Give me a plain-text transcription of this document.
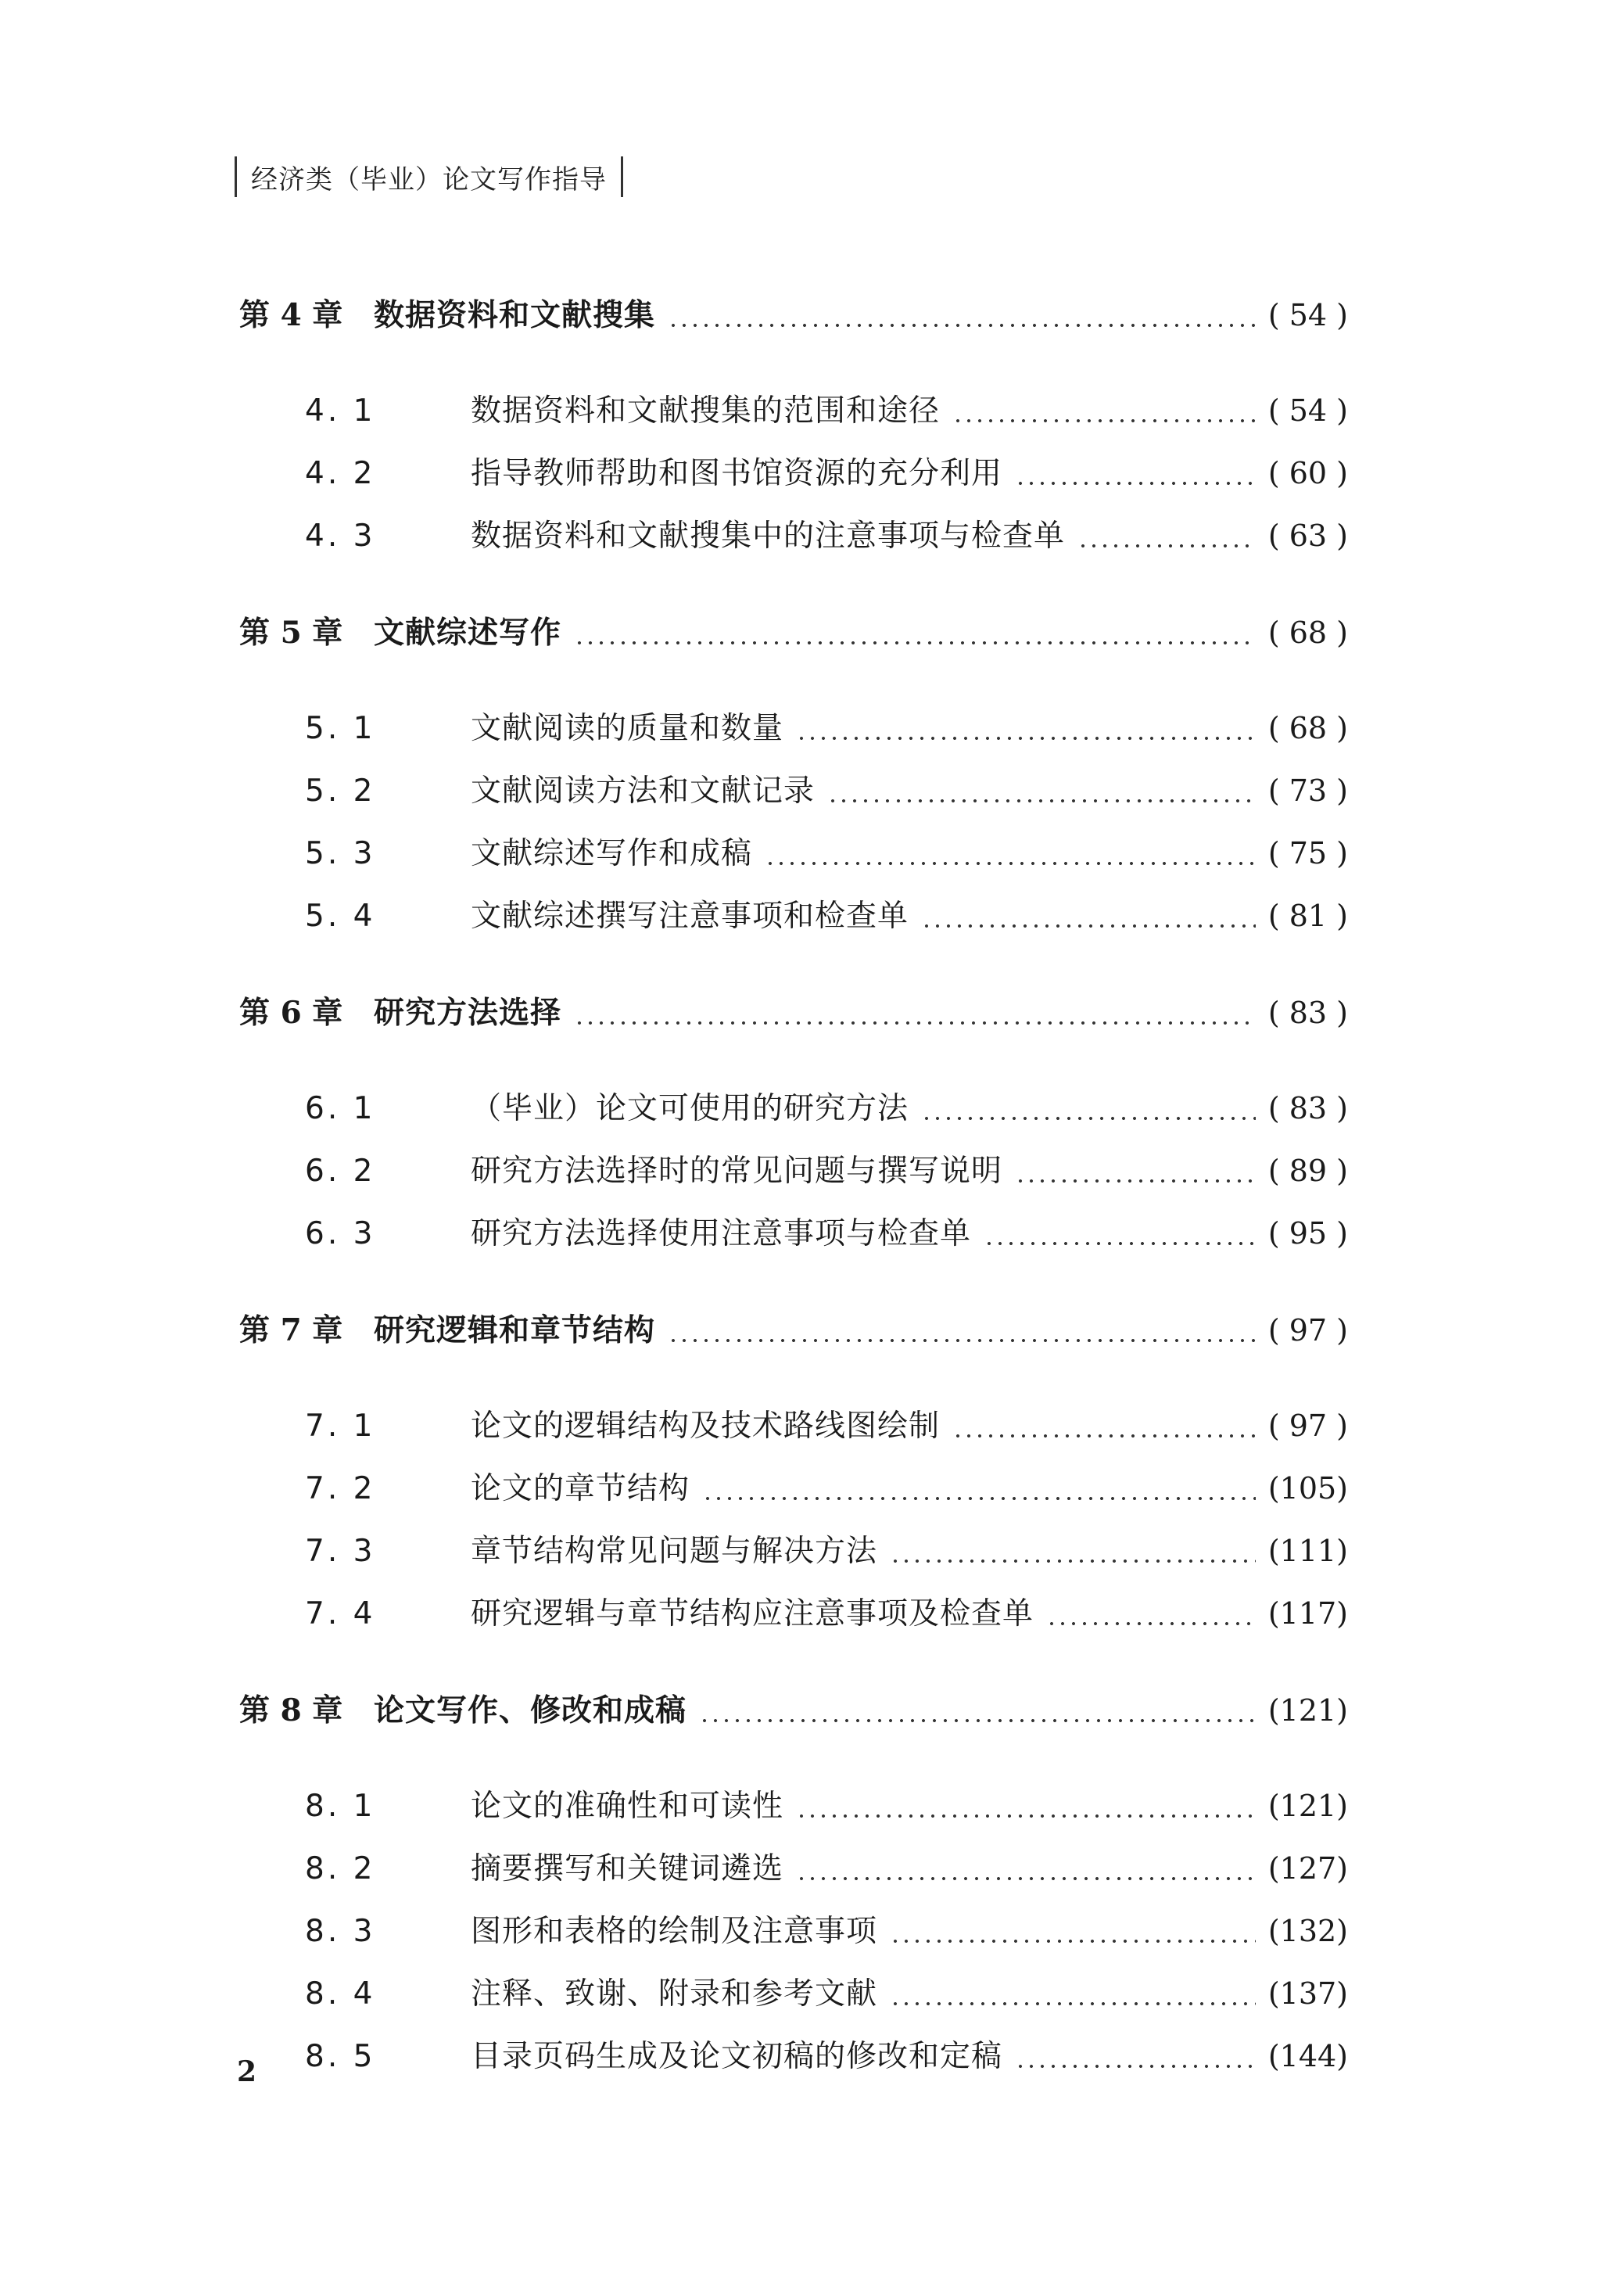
经济类（毕业）论文写作指导
第 4 章	数据资料和文献搜集	( 54 )
4. 1	数据资料和文献搜集的范围和途径	( 54 )
4. 2	指导教师帮助和图书馆资源的充分利用	( 60 )
4. 3	数据资料和文献搜集中的注意事项与检查单	( 63 )
第 5 章	文献综述写作	( 68 )
5. 1	文献阅读的质量和数量	( 68 )
5. 2	文献阅读方法和文献记录	( 73 )
5. 3	文献综述写作和成稿	( 75 )
5. 4	文献综述撰写注意事项和检查单	( 81 )
第 6 章	研究方法选择	( 83 )
6. 1	（毕业）论文可使用的研究方法	( 83 )
6. 2	研究方法选择时的常见问题与撰写说明	( 89 )
6. 3	研究方法选择使用注意事项与检查单	( 95 )
第 7 章	研究逻辑和章节结构	( 97 )
7. 1	论文的逻辑结构及技术路线图绘制	( 97 )
7. 2	论文的章节结构	(105)
7. 3	章节结构常见问题与解决方法	(111)
7. 4	研究逻辑与章节结构应注意事项及检查单	(117)
第 8 章	论文写作、修改和成稿	(121)
8. 1	论文的准确性和可读性	(121)
8. 2	摘要撰写和关键词遴选	(127)
8. 3	图形和表格的绘制及注意事项	(132)
8. 4	注释、致谢、附录和参考文献	(137)
8. 5	目录页码生成及论文初稿的修改和定稿	(144)
2
